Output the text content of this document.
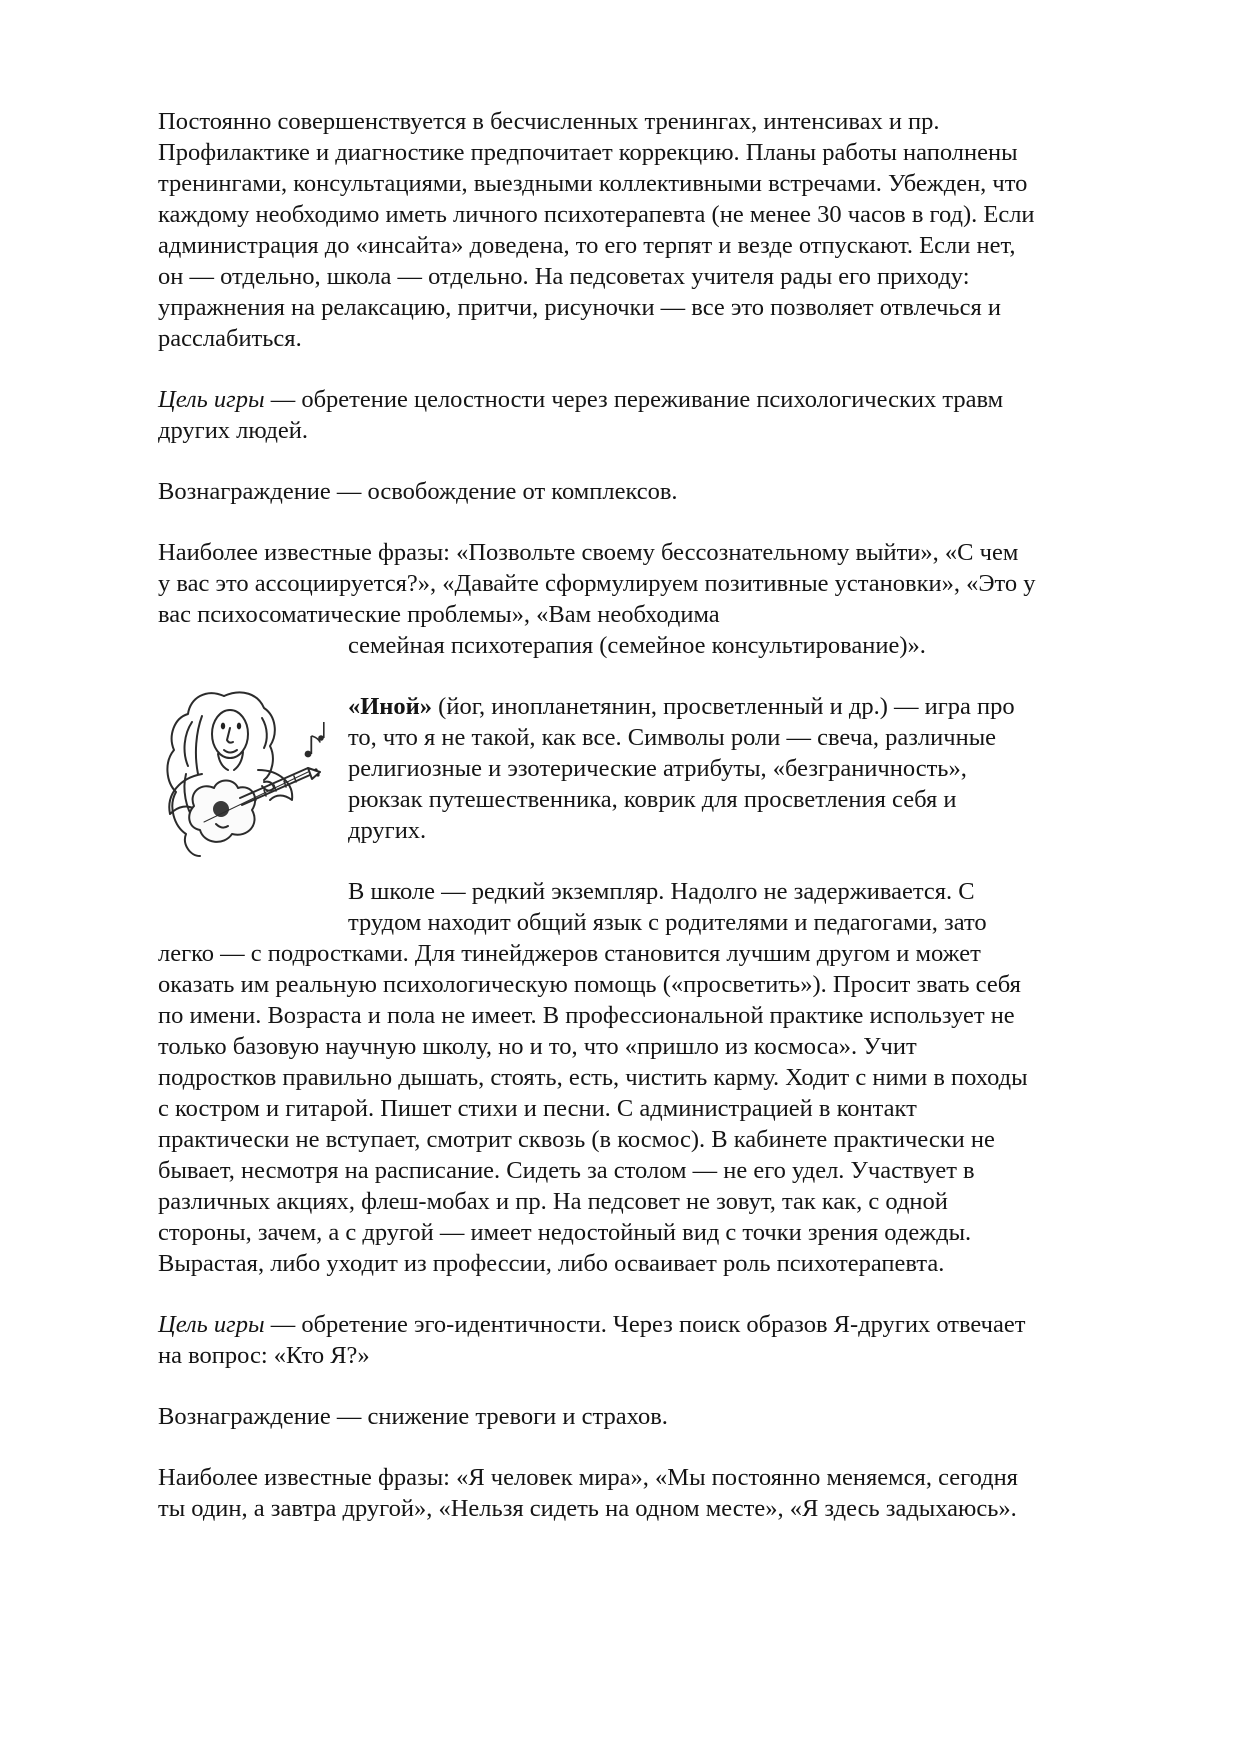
Постоянно совершенствуется в бесчисленных тренингах, интенсивах и пр. Профилактике и диагностике предпочитает коррекцию. Планы работы наполнены тренингами, консультациями, выездными коллективными встречами. Убежден, что каждому необходимо иметь личного психотерапевта (не менее 30 часов в год). Если администрация до «инсайта» доведена, то его терпят и везде отпускают. Если нет, он — отдельно, школа — отдельно. На педсоветах учителя рады его приходу: упражнения на релаксацию, притчи, рисуночки — все это позволяет отвлечься и расслабиться.

Цель игры — обретение целостности через переживание психологических травм других людей.

Вознаграждение — освобождение от комплексов.

Наиболее известные фразы: «Позвольте своему бессознательному выйти», «С чем у вас это ассоциируется?», «Давайте сформулируем позитивные установки», «Это у вас психосоматические проблемы», «Вам необходима

семейная психотерапия (семейное консультирование)».

«Иной» (йог, инопланетянин, просветленный и др.) — игра про то, что я не такой, как все. Символы роли — свеча, различные религиозные и эзотерические атрибуты, «безграничность», рюкзак путешественника, коврик для просветления себя и других.

В школе — редкий экземпляр. Надолго не задерживается. С трудом находит общий язык с родителями и педагогами, зато легко — с подростками. Для тинейджеров становится лучшим другом и может оказать им реальную психологическую помощь («просветить»). Просит звать себя по имени. Возраста и пола не имеет. В профессиональной практике использует не только базовую научную школу, но и то, что «пришло из космоса». Учит подростков правильно дышать, стоять, есть, чистить карму. Ходит с ними в походы с костром и гитарой. Пишет стихи и песни. С администрацией в контакт практически не вступает, смотрит сквозь (в космос). В кабинете практически не бывает, несмотря на расписание. Сидеть за столом — не его удел. Участвует в различных акциях, флеш-мобах и пр. На педсовет не зовут, так как, с одной стороны, зачем, а с другой — имеет недостойный вид с точки зрения одежды. Вырастая, либо уходит из профессии, либо осваивает роль психотерапевта.

Цель игры — обретение эго-идентичности. Через поиск образов Я-других отвечает на вопрос: «Кто Я?»

Вознаграждение — снижение тревоги и страхов.

Наиболее известные фразы: «Я человек мира», «Мы постоянно меняемся, сегодня ты один, а завтра другой», «Нельзя сидеть на одном месте», «Я здесь задыхаюсь».
